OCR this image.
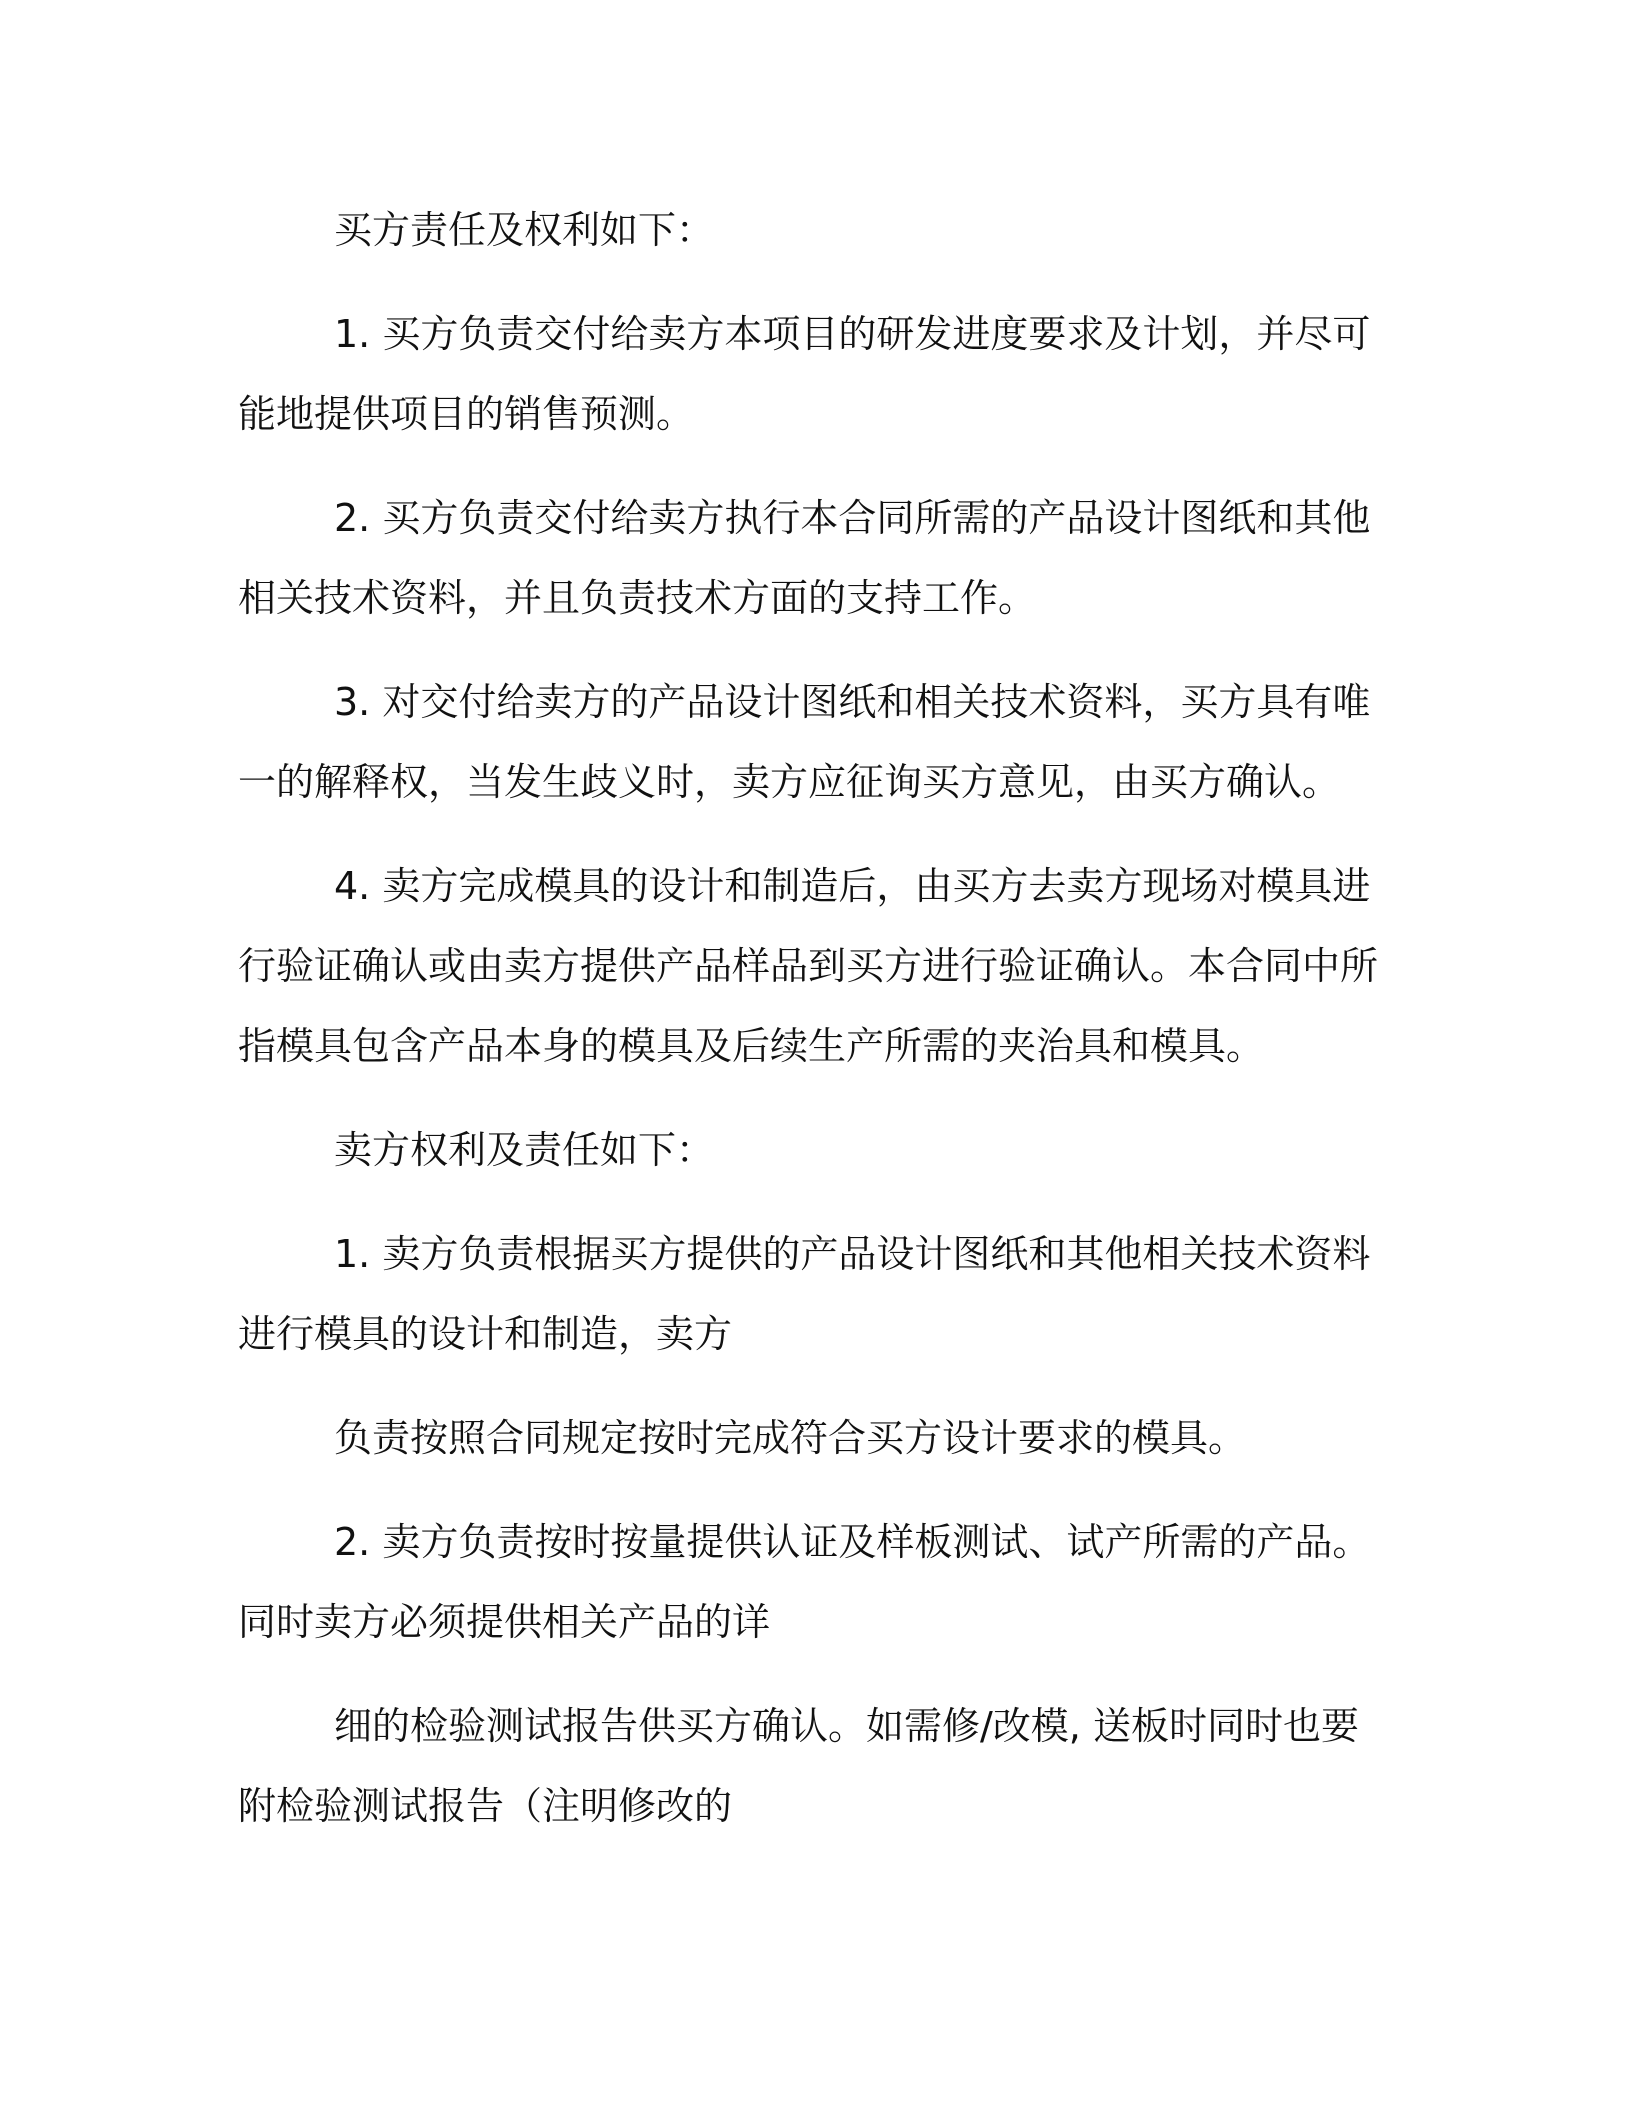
买方责任及权利如下：

1. 买方负责交付给卖方本项目的研发进度要求及计划，并尽可能地提供项目的销售预测。

2. 买方负责交付给卖方执行本合同所需的产品设计图纸和其他相关技术资料，并且负责技术方面的支持工作。

3. 对交付给卖方的产品设计图纸和相关技术资料，买方具有唯一的解释权，当发生歧义时，卖方应征询买方意见，由买方确认。

4. 卖方完成模具的设计和制造后，由买方去卖方现场对模具进行验证确认或由卖方提供产品样品到买方进行验证确认。本合同中所指模具包含产品本身的模具及后续生产所需的夹治具和模具。

卖方权利及责任如下：

1. 卖方负责根据买方提供的产品设计图纸和其他相关技术资料进行模具的设计和制造，卖方

负责按照合同规定按时完成符合买方设计要求的模具。

2. 卖方负责按时按量提供认证及样板测试、试产所需的产品。同时卖方必须提供相关产品的详

细的检验测试报告供买方确认。如需修/改模, 送板时同时也要附检验测试报告（注明修改的
